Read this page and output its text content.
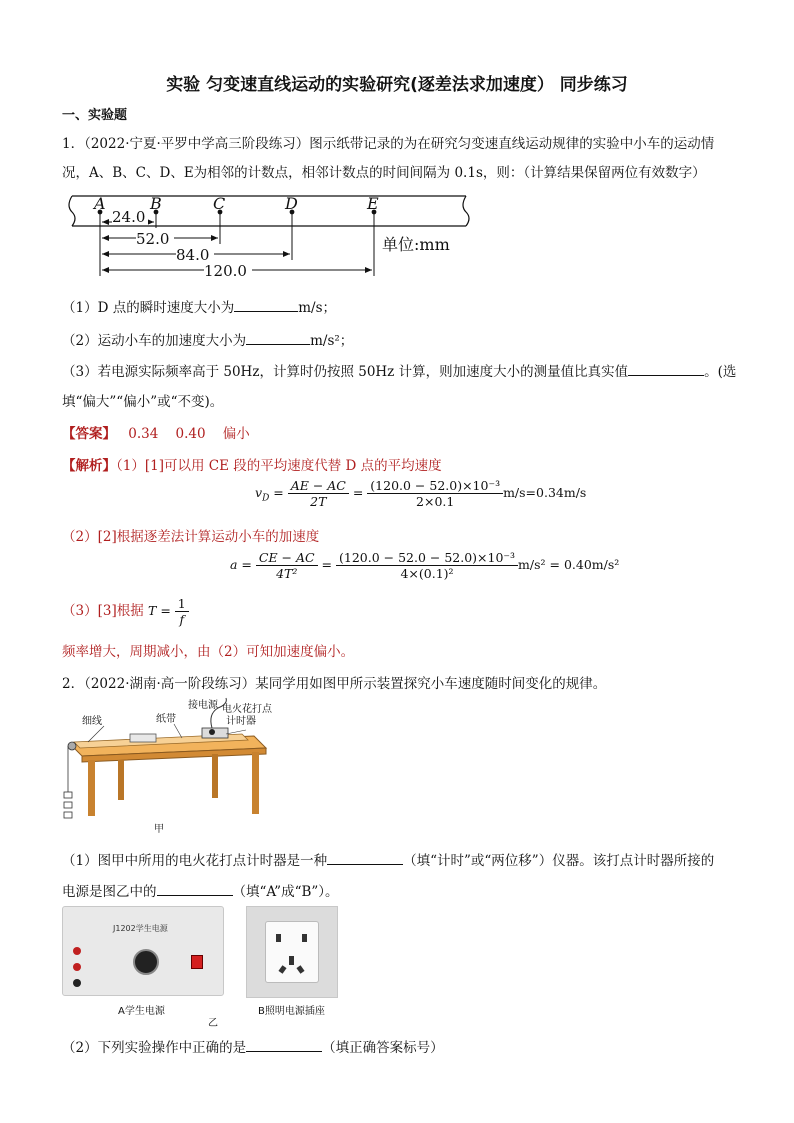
实验 匀变速直线运动的实验研究(逐差法求加速度） 同步练习
一、实验题
1．（2022·宁夏·平罗中学高三阶段练习）图示纸带记录的为在研究匀变速直线运动规律的实验中小车的运动情
况，A、B、C、D、E为相邻的计数点，相邻计数点的时间间隔为 0.1s，则：（计算结果保留两位有效数字）
A	B	C	D	E
24.0
52.0
84.0
120.0
单位:mm
（1）D 点的瞬时速度大小为	m/s；
（2）运动小车的加速度大小为	m/s²；
（3）若电源实际频率高于 50Hz，计算时仍按照 50Hz 计算，则加速度大小的测量值比真实值	。(选
填“偏大”“偏小”或“不变)。
【答案】 0.34    0.40    偏小
【解析】（1）[1]可以用 CE 段的平均速度代替 D 点的平均速度
$v_D = \frac{AE - AC}{2T} = \frac{\text{(120.0 − 52.0)×10⁻³}}{2\times 0.1} m/s=0.34m/s$
（2）[2]根据逐差法计算运动小车的加速度
$a = \frac{CE - AC}{\text{4T²}} = \frac{\text{(120.0 − 52.0 − 52.0)×10⁻³}}{\text{4×(0.1)²}} m/s^2 = 0.40m/s^2$
（3）[3]根据 $T = \frac{1}{f}$
频率增大，周期减小，由（2）可知加速度偏小。
2．（2022·湖南·高一阶段练习）某同学用如图甲所示装置探究小车速度随时间变化的规律。
细线	纸带
接电源 电火花打点
计时器
甲
（1）图甲中所用的电火花打点计时器是一种	（填“计时”或“两位移”）仪器。该打点计时器所接的
电源是图乙中的	（填“A”成“B”）。
J1202学生电源
A学生电源	B照明电源插座
乙
（2）下列实验操作中正确的是	（填正确答案标号）
